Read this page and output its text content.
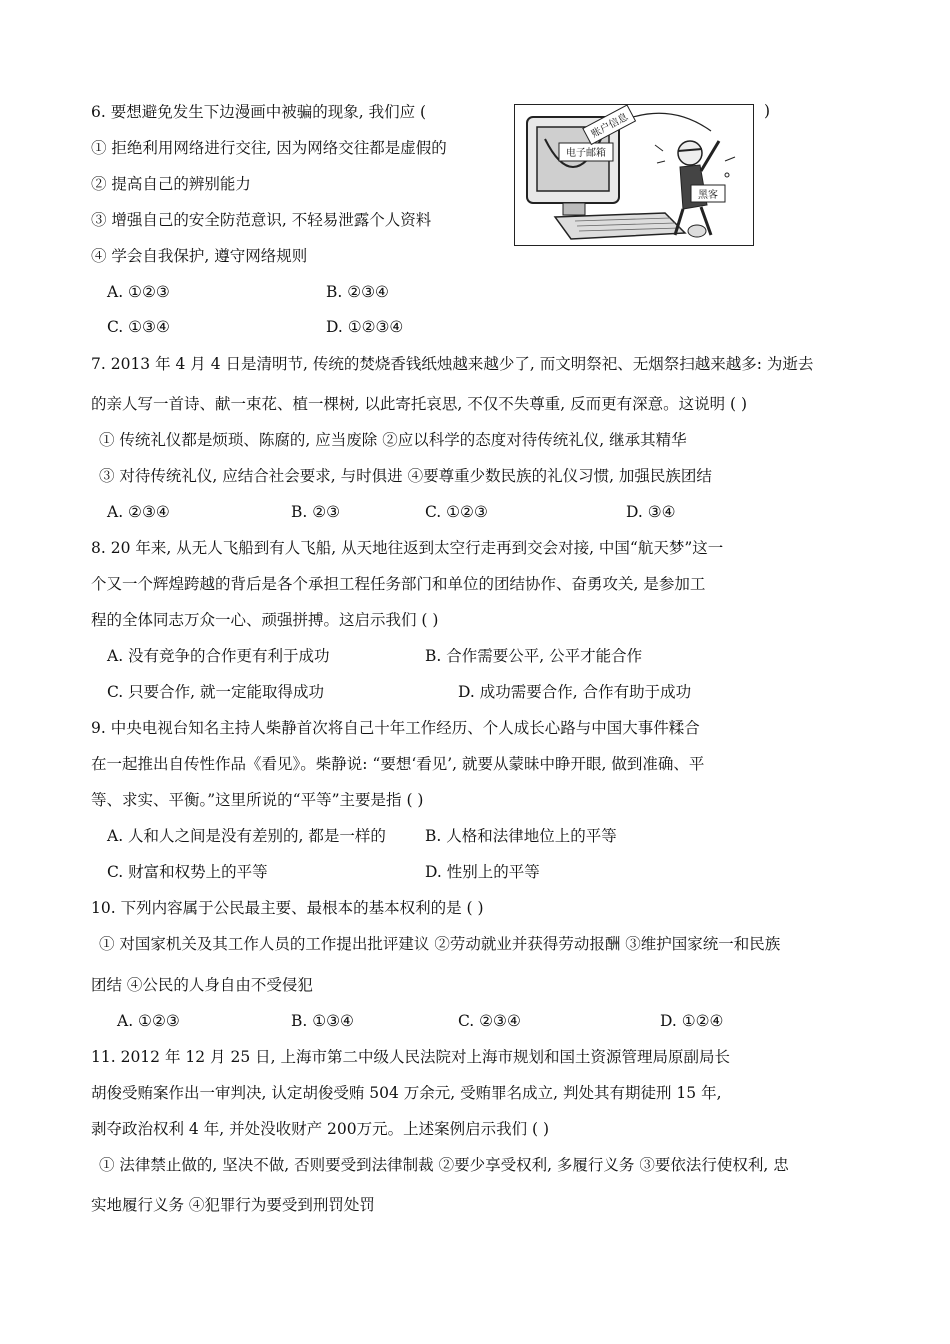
6. 要想避免发生下边漫画中被骗的现象, 我们应 (	)
电子邮箱
账户信息
黑客
① 拒绝利用网络进行交往, 因为网络交往都是虚假的
② 提高自己的辨别能力
③ 增强自己的安全防范意识, 不轻易泄露个人资料
④ 学会自我保护, 遵守网络规则
A. ①②③	B. ②③④
C. ①③④	D. ①②③④
7. 2013 年 4 月 4 日是清明节, 传统的焚烧香钱纸烛越来越少了, 而文明祭祀、无烟祭扫越来越多: 为逝去
的亲人写一首诗、献一束花、植一棵树, 以此寄托哀思, 不仅不失尊重, 反而更有深意。这说明 ( )
① 传统礼仪都是烦琐、陈腐的, 应当废除 ②应以科学的态度对待传统礼仪, 继承其精华
③ 对待传统礼仪, 应结合社会要求, 与时俱进 ④要尊重少数民族的礼仪习惯, 加强民族团结
A. ②③④	B. ②③	C. ①②③	D. ③④
8. 20 年来, 从无人飞船到有人飞船, 从天地往返到太空行走再到交会对接, 中国“航天梦”这一
个又一个辉煌跨越的背后是各个承担工程任务部门和单位的团结协作、奋勇攻关, 是参加工
程的全体同志万众一心、顽强拼搏。这启示我们 ( )
A. 没有竞争的合作更有利于成功	B. 合作需要公平, 公平才能合作
C. 只要合作, 就一定能取得成功	D. 成功需要合作, 合作有助于成功
9. 中央电视台知名主持人柴静首次将自己十年工作经历、个人成长心路与中国大事件糅合
在一起推出自传性作品《看见》。柴静说: “要想‘看见’, 就要从蒙昧中睁开眼, 做到准确、平
等、求实、平衡。”这里所说的“平等”主要是指 ( )
A. 人和人之间是没有差别的, 都是一样的	B. 人格和法律地位上的平等
C. 财富和权势上的平等	D. 性别上的平等
10. 下列内容属于公民最主要、最根本的基本权利的是 ( )
① 对国家机关及其工作人员的工作提出批评建议 ②劳动就业并获得劳动报酬 ③维护国家统一和民族
团结 ④公民的人身自由不受侵犯
A. ①②③	B. ①③④	C. ②③④	D. ①②④
11. 2012 年 12 月 25 日, 上海市第二中级人民法院对上海市规划和国土资源管理局原副局长
胡俊受贿案作出一审判决, 认定胡俊受贿 504 万余元, 受贿罪名成立, 判处其有期徒刑 15 年,
剥夺政治权利 4 年, 并处没收财产 200万元。上述案例启示我们 ( )
① 法律禁止做的, 坚决不做, 否则要受到法律制裁 ②要少享受权利, 多履行义务 ③要依法行使权利, 忠
实地履行义务 ④犯罪行为要受到刑罚处罚
